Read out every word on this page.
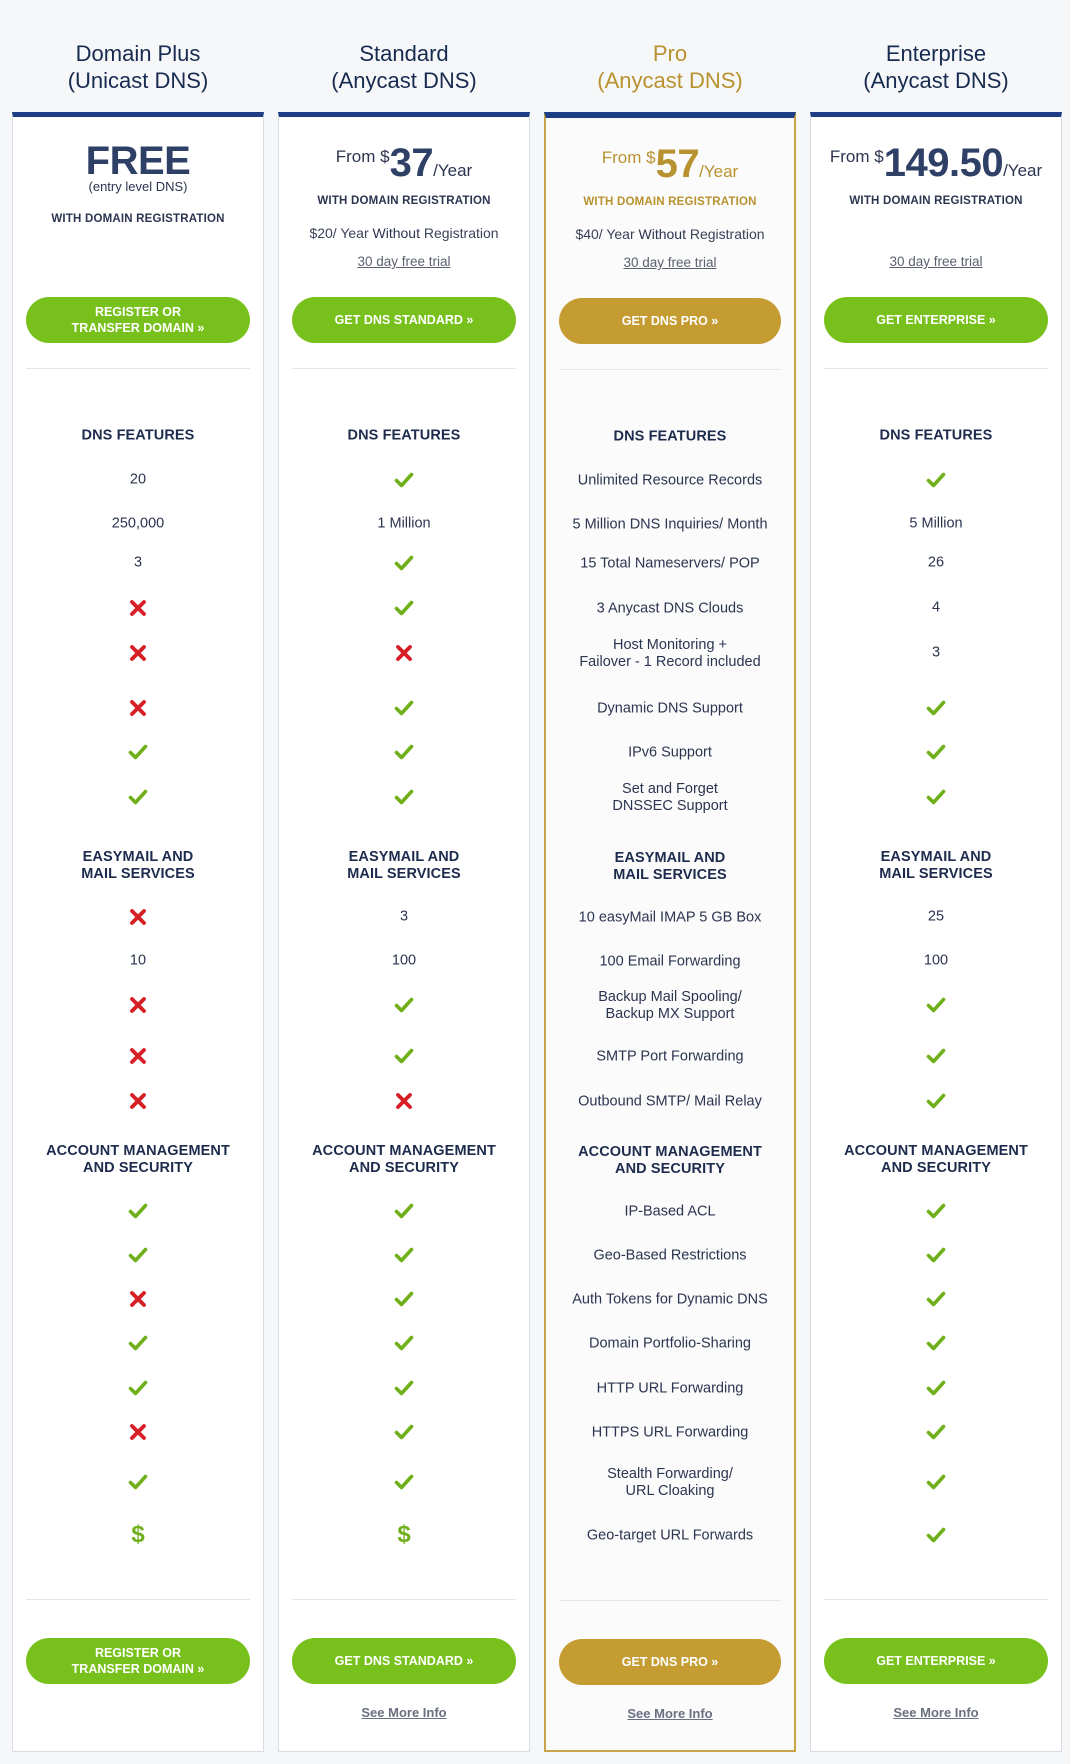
Domain Plus
(Unicast DNS)
FREE
(entry level DNS)
WITH DOMAIN REGISTRATION
REGISTER OR
TRANSFER DOMAIN »
DNS FEATURES
20
250,000
3
EASYMAIL AND
MAIL SERVICES
10
ACCOUNT MANAGEMENT
AND SECURITY
$
REGISTER OR
TRANSFER DOMAIN »
Standard
(Anycast DNS)
From $37/Year
WITH DOMAIN REGISTRATION
$20/ Year Without Registration
30 day free trial
GET DNS STANDARD »
DNS FEATURES
1 Million
EASYMAIL AND
MAIL SERVICES
3
100
ACCOUNT MANAGEMENT
AND SECURITY
$
GET DNS STANDARD »
See More Info
Pro
(Anycast DNS)
From $57/Year
WITH DOMAIN REGISTRATION
$40/ Year Without Registration
30 day free trial
GET DNS PRO »
DNS FEATURES
Unlimited Resource Records
5 Million DNS Inquiries/ Month
15 Total Nameservers/ POP
3 Anycast DNS Clouds
Host Monitoring +
Failover - 1 Record included
Dynamic DNS Support
IPv6 Support
Set and Forget
DNSSEC Support
EASYMAIL AND
MAIL SERVICES
10 easyMail IMAP 5 GB Box
100 Email Forwarding
Backup Mail Spooling/
Backup MX Support
SMTP Port Forwarding
Outbound SMTP/ Mail Relay
ACCOUNT MANAGEMENT
AND SECURITY
IP-Based ACL
Geo-Based Restrictions
Auth Tokens for Dynamic DNS
Domain Portfolio-Sharing
HTTP URL Forwarding
HTTPS URL Forwarding
Stealth Forwarding/
URL Cloaking
Geo-target URL Forwards
GET DNS PRO »
See More Info
Enterprise
(Anycast DNS)
From $149.50/Year
WITH DOMAIN REGISTRATION
30 day free trial
GET ENTERPRISE »
DNS FEATURES
5 Million
26
4
3
EASYMAIL AND
MAIL SERVICES
25
100
ACCOUNT MANAGEMENT
AND SECURITY
GET ENTERPRISE »
See More Info
